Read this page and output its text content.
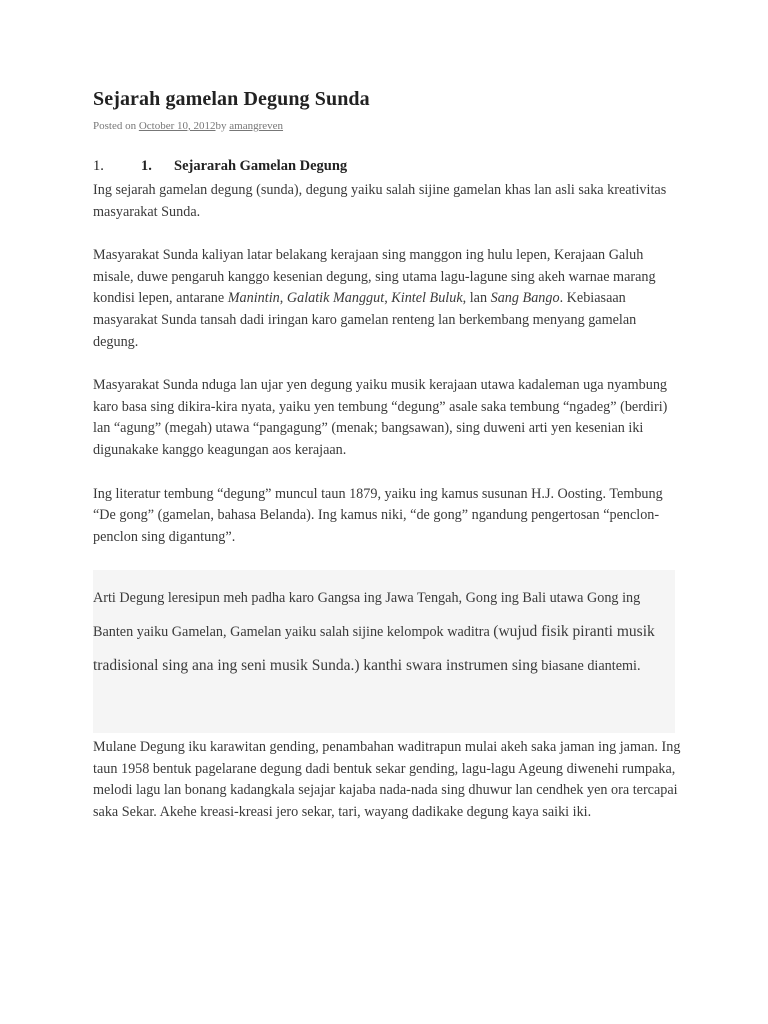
Sejarah gamelan Degung Sunda
Posted on October 10, 2012by amangreven
1.	1. Sejararah Gamelan Degung

Ing sejarah gamelan degung (sunda), degung yaiku salah sijine gamelan khas lan asli saka kreativitas masyarakat Sunda.

Masyarakat Sunda kaliyan latar belakang kerajaan sing manggon ing hulu lepen, Kerajaan Galuh misale, duwe pengaruh kanggo kesenian degung, sing utama lagu-lagune sing akeh warnae marang kondisi lepen, antarane Manintin, Galatik Manggut, Kintel Buluk, lan Sang Bango. Kebiasaan masyarakat Sunda tansah dadi iringan karo gamelan renteng lan berkembang menyang gamelan degung.

Masyarakat Sunda nduga lan ujar yen degung yaiku musik kerajaan utawa kadaleman uga nyambung karo basa sing dikira-kira nyata, yaiku yen tembung “degung” asale saka tembung “ngadeg” (berdiri) lan “agung” (megah) utawa “pangagung” (menak; bangsawan), sing duweni arti yen kesenian iki digunakake kanggo keagungan aos kerajaan.

Ing literatur tembung “degung” muncul taun 1879, yaiku ing kamus susunan H.J. Oosting. Tembung “De gong” (gamelan, bahasa Belanda). Ing kamus niki, “de gong” ngandung pengertosan “penclon-penclon sing digantung”.

Arti Degung leresipun meh padha karo Gangsa ing Jawa Tengah, Gong ing Bali utawa Gong ing Banten yaiku Gamelan, Gamelan yaiku salah sijine kelompok waditra (wujud fisik piranti musik tradisional sing ana ing seni musik Sunda.) kanthi swara instrumen sing biasane diantemi.

Mulane Degung iku karawitan gending, penambahan waditrapun mulai akeh saka jaman ing jaman. Ing taun 1958 bentuk pagelarane degung dadi bentuk sekar gending, lagu-lagu Ageung diwenehi rumpaka, melodi lagu lan bonang kadangkala sejajar kajaba nada-nada sing dhuwur lan cendhek yen ora tercapai saka Sekar. Akehe kreasi-kreasi jero sekar, tari, wayang dadikake degung kaya saiki iki.
